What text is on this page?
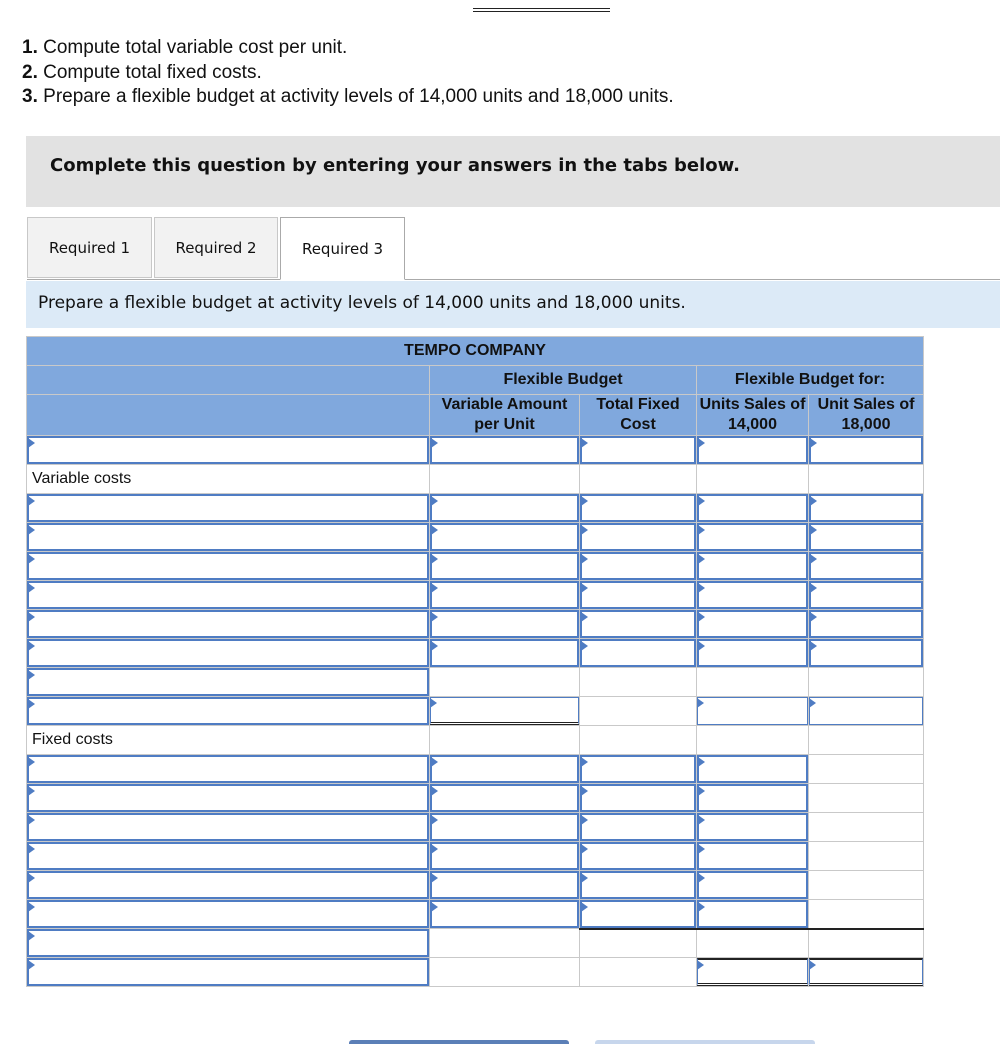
1. Compute total variable cost per unit.
2. Compute total fixed costs.
3. Prepare a flexible budget at activity levels of 14,000 units and 18,000 units.
Complete this question by entering your answers in the tabs below.
Required 1	Required 2	Required 3
Prepare a flexible budget at activity levels of 14,000 units and 18,000 units.
TEMPO COMPANY				
	Flexible Budget		Flexible Budget for:	
	Variable Amount per Unit	Total Fixed Cost	Units Sales of 14,000	Unit Sales of 18,000

Variable costs				

Fixed costs				
